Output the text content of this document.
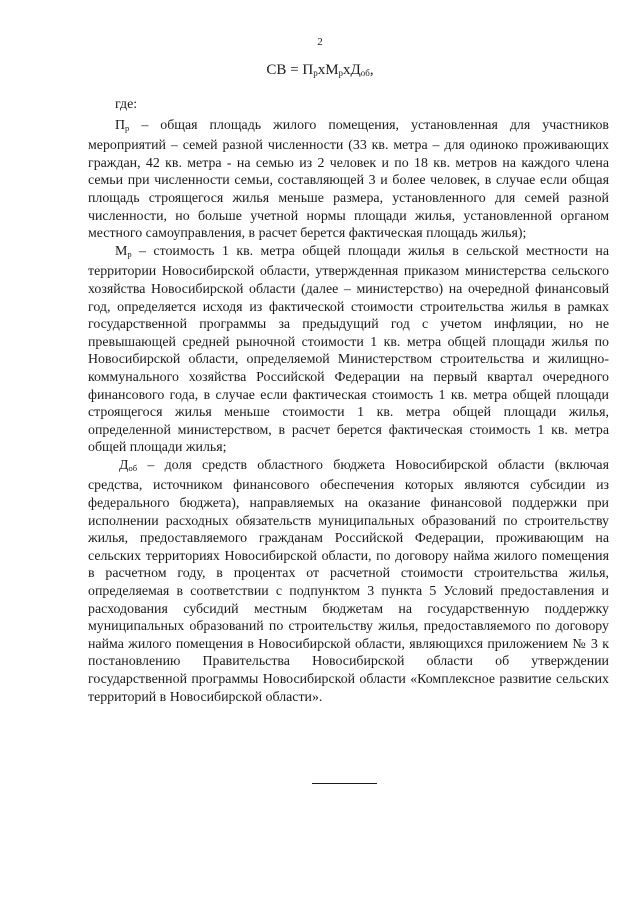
2
СВ = $П_рхМ_рхД_{об}$,

где:

$П_р$ – общая площадь жилого помещения, установленная для участников мероприятий – семей разной численности (33 кв. метра – для одиноко проживающих граждан, 42 кв. метра - на семью из 2 человек и по 18 кв. метров на каждого члена семьи при численности семьи, составляющей 3 и более человек, в случае если общая площадь строящегося жилья меньше размера, установленного для семей разной численности, но больше учетной нормы площади жилья, установленной органом местного самоуправления, в расчет берется фактическая площадь жилья);

$М_р$ – стоимость 1 кв. метра общей площади жилья в сельской местности на территории Новосибирской области, утвержденная приказом министерства сельского хозяйства Новосибирской области (далее – министерство) на очередной финансовый год, определяется исходя из фактической стоимости строительства жилья в рамках государственной программы за предыдущий год с учетом инфляции, но не превышающей средней рыночной стоимости 1 кв. метра общей площади жилья по Новосибирской области, определяемой Министерством строительства и жилищно-коммунального хозяйства Российской Федерации на первый квартал очередного финансового года, в случае если фактическая стоимость 1 кв. метра общей площади строящегося жилья меньше стоимости 1 кв. метра общей площади жилья, определенной министерством, в расчет берется фактическая стоимость 1 кв. метра общей площади жилья;

$Д_{об}$ – доля средств областного бюджета Новосибирской области (включая средства, источником финансового обеспечения которых являются субсидии из федерального бюджета), направляемых на оказание финансовой поддержки при исполнении расходных обязательств муниципальных образований по строительству жилья, предоставляемого гражданам Российской Федерации, проживающим на сельских территориях Новосибирской области, по договору найма жилого помещения в расчетном году, в процентах от расчетной стоимости строительства жилья, определяемая в соответствии с подпунктом 3 пункта 5 Условий предоставления и расходования субсидий местным бюджетам на государственную поддержку муниципальных образований по строительству жилья, предоставляемого по договору найма жилого помещения в Новосибирской области, являющихся приложением № 3 к постановлению Правительства Новосибирской области об утверждении государственной программы Новосибирской области «Комплексное развитие сельских территорий в Новосибирской области».
